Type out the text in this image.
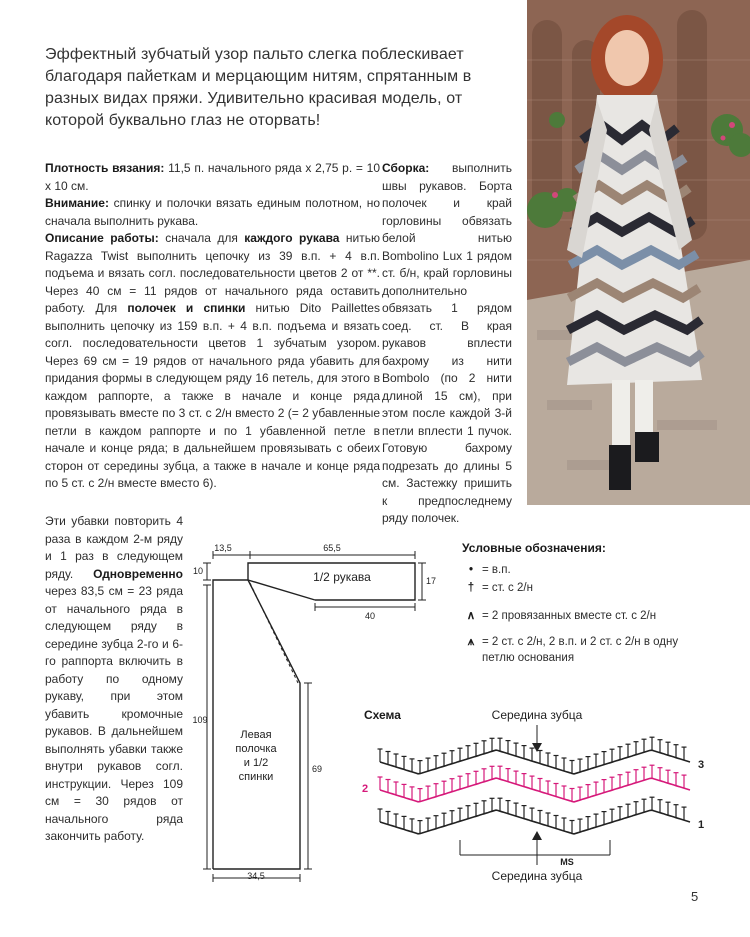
Эффектный зубчатый узор пальто слегка поблескивает благодаря пайеткам и мерцающим нитям, спрятанным в разных видах пряжи. Удивительно красивая модель, от которой буквально глаз не оторвать!

Плотность вязания: 11,5 п. начального ряда х 2,75 р. = 10 х 10 см.
Внимание: спинку и полочки вязать единым полотном, но сначала выполнить рукава.
Описание работы: сначала для каждого рукава нитью Ragazza Twist выполнить цепочку из 39 в.п. + 4 в.п. подъема и вязать согл. последовательности цветов 2 от **. Через 40 см = 11 рядов от начального ряда оставить работу. Для полочек и спинки нитью Dito Paillettes выполнить цепочку из 159 в.п. + 4 в.п. подъема и вязать согл. последовательности цветов 1 зубчатым узором. Через 69 см = 19 рядов от начального ряда убавить для придания формы в следующем ряду 16 петель, для этого в каждом раппорте, а также в начале и конце ряда провязывать вместе по 3 ст. с 2/н вместо 2 (= 2 убавленные петли в каждом раппорте и по 1 убавленной петле в начале и конце ряда; в дальнейшем провязывать с обеих сторон от середины зубца, а также в начале и конце ряда по 5 ст. с 2/н вместе вместо 6).
Эти убавки повторить 4 раза в каждом 2-м ряду и 1 раз в следующем ряду. Одновременно через 83,5 см = 23 ряда от начального ряда в следующем ряду в середине зубца 2-го и 6-го раппорта включить в работу по одному рукаву, при этом убавить кромочные рукавов. В дальнейшем выполнять убавки также внутри рукавов согл. инструкции. Через 109 см = 30 рядов от начального ряда закончить работу.
Сборка: выполнить швы рукавов. Борта полочек и край горловины обвязать белой нитью Bombolino Lux 1 рядом ст. б/н, край горловины дополнительно обвязать 1 рядом соед. ст. В края рукавов вплести бахрому из нити Bombolo (по 2 нити длиной 15 см), при этом после каждой 3-й петли вплести 1 пучок. Готовую бахрому подрезать до длины 5 см. Застежку пришить к предпоследнему ряду полочек.
13,5	65,5
10
17
40
109
69
34,5
1/2 рукава
Левая
полочка
и 1/2
спинки
Условные обозначения:
• = в.п.
† = ст. с 2/н
∧ = 2 провязанных вместе ст. с 2/н
⩚ = 2 ст. с 2/н, 2 в.п. и 2 ст. с 2/н в одну петлю основания
Схема	Середина зубца
3
2
1
MS
Середина зубца
5
